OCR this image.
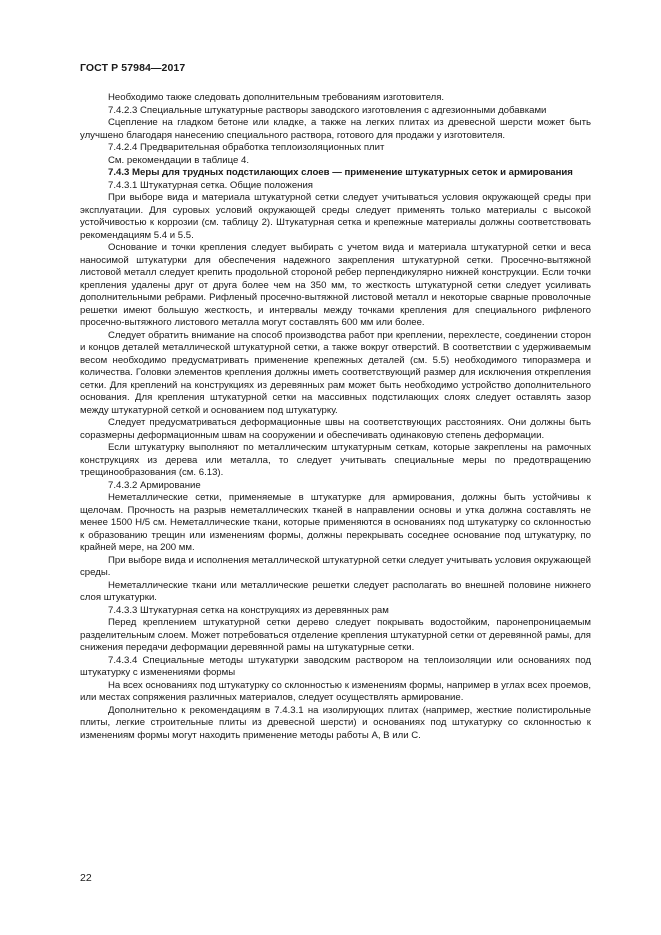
ГОСТ Р 57984—2017

Необходимо также следовать дополнительным требованиям изготовителя.

7.4.2.3 Специальные штукатурные растворы заводского изготовления с адгезионными добавками

Сцепление на гладком бетоне или кладке, а также на легких плитах из древесной шерсти может быть улучшено благодаря нанесению специального раствора, готового для продажи у изготовителя.

7.4.2.4 Предварительная обработка теплоизоляционных плит

См. рекомендации в таблице 4.

7.4.3 Меры для трудных подстилающих слоев — применение штукатурных сеток и армирования

7.4.3.1 Штукатурная сетка. Общие положения

При выборе вида и материала штукатурной сетки следует учитываться условия окружающей среды при эксплуатации. Для суровых условий окружающей среды следует применять только материалы с высокой устойчивостью к коррозии (см. таблицу 2). Штукатурная сетка и крепежные материалы должны соответствовать рекомендациям 5.4 и 5.5.

Основание и точки крепления следует выбирать с учетом вида и материала штукатурной сетки и веса наносимой штукатурки для обеспечения надежного закрепления штукатурной сетки. Просечно-вытяжной листовой металл следует крепить продольной стороной ребер перпендикулярно нижней конструкции. Если точки крепления удалены друг от друга более чем на 350 мм, то жесткость штукатурной сетки следует усиливать дополнительными ребрами. Рифленый просечно-вытяжной листовой металл и некоторые сварные проволочные решетки имеют большую жесткость, и интервалы между точками крепления для специального рифленого просечно-вытяжного листового металла могут составлять 600 мм или более.

Следует обратить внимание на способ производства работ при креплении, перехлесте, соединении сторон и концов деталей металлической штукатурной сетки, а также вокруг отверстий. В соответствии с удерживаемым весом необходимо предусматривать применение крепежных деталей (см. 5.5) необходимого типоразмера и количества. Головки элементов крепления должны иметь соответствующий размер для исключения открепления сетки. Для креплений на конструкциях из деревянных рам может быть необходимо устройство дополнительного основания. Для крепления штукатурной сетки на массивных подстилающих слоях следует оставлять зазор между штукатурной сеткой и основанием под штукатурку.

Следует предусматриваться деформационные швы на соответствующих расстояниях. Они должны быть соразмерны деформационным швам на сооружении и обеспечивать одинаковую степень деформации.

Если штукатурку выполняют по металлическим штукатурным сеткам, которые закреплены на рамочных конструкциях из дерева или металла, то следует учитывать специальные меры по предотвращению трещинообразования (см. 6.13).

7.4.3.2 Армирование

Неметаллические сетки, применяемые в штукатурке для армирования, должны быть устойчивы к щелочам. Прочность на разрыв неметаллических тканей в направлении основы и утка должна составлять не менее 1500 Н/5 см. Неметаллические ткани, которые применяются в основаниях под штукатурку со склонностью к образованию трещин или изменениям формы, должны перекрывать соседнее основание под штукатурку, по крайней мере, на 200 мм.

При выборе вида и исполнения металлической штукатурной сетки следует учитывать условия окружающей среды.

Неметаллические ткани или металлические решетки следует располагать во внешней половине нижнего слоя штукатурки.

7.4.3.3 Штукатурная сетка на конструкциях из деревянных рам

Перед креплением штукатурной сетки дерево следует покрывать водостойким, паронепроницаемым разделительным слоем. Может потребоваться отделение крепления штукатурной сетки от деревянной рамы, для снижения передачи деформации деревянной рамы на штукатурные сетки.

7.4.3.4 Специальные методы штукатурки заводским раствором на теплоизоляции или основаниях под штукатурку с изменениями формы

На всех основаниях под штукатурку со склонностью к изменениям формы, например в углах всех проемов, или местах сопряжения различных материалов, следует осуществлять армирование.

Дополнительно к рекомендациям в 7.4.3.1 на изолирующих плитах (например, жесткие полистирольные плиты, легкие строительные плиты из древесной шерсти) и основаниях под штукатурку со склонностью к изменениям формы могут находить применение методы работы A, B или C.

22
